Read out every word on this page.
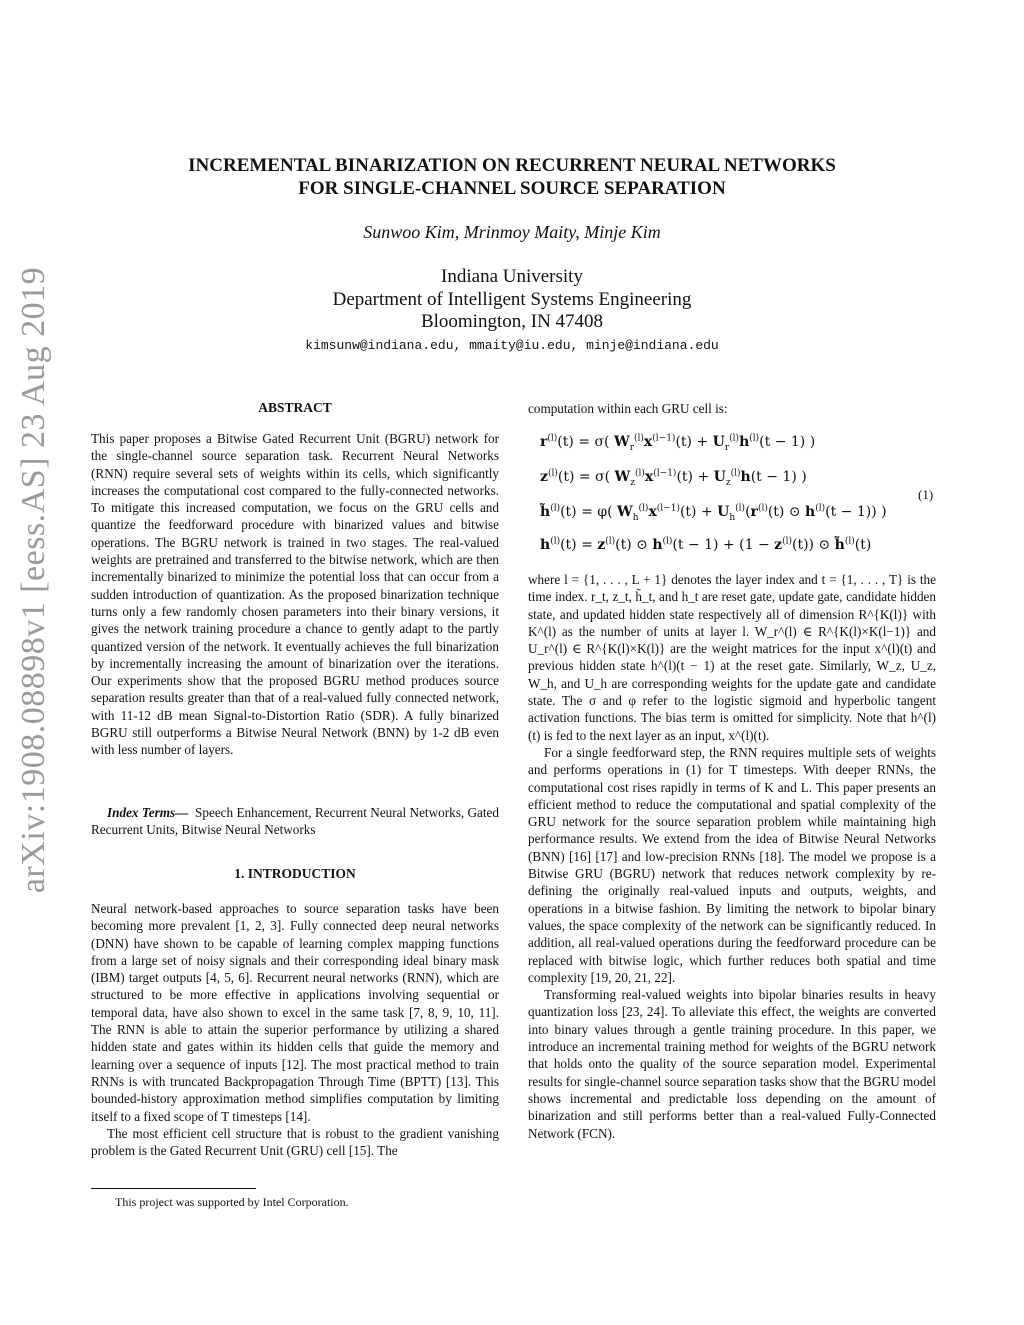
arXiv:1908.08898v1 [eess.AS] 23 Aug 2019
INCREMENTAL BINARIZATION ON RECURRENT NEURAL NETWORKS
FOR SINGLE-CHANNEL SOURCE SEPARATION
Sunwoo Kim, Mrinmoy Maity, Minje Kim
Indiana University
Department of Intelligent Systems Engineering
Bloomington, IN 47408
kimsunw@indiana.edu, mmaity@iu.edu, minje@indiana.edu
ABSTRACT

This paper proposes a Bitwise Gated Recurrent Unit (BGRU) network for the single-channel source separation task. Recurrent Neural Networks (RNN) require several sets of weights within its cells, which significantly increases the computational cost compared to the fully-connected networks. To mitigate this increased computation, we focus on the GRU cells and quantize the feedforward procedure with binarized values and bitwise operations. The BGRU network is trained in two stages. The real-valued weights are pretrained and transferred to the bitwise network, which are then incrementally binarized to minimize the potential loss that can occur from a sudden introduction of quantization. As the proposed binarization technique turns only a few randomly chosen parameters into their binary versions, it gives the network training procedure a chance to gently adapt to the partly quantized version of the network. It eventually achieves the full binarization by incrementally increasing the amount of binarization over the iterations. Our experiments show that the proposed BGRU method produces source separation results greater than that of a real-valued fully connected network, with 11-12 dB mean Signal-to-Distortion Ratio (SDR). A fully binarized BGRU still outperforms a Bitwise Neural Network (BNN) by 1-2 dB even with less number of layers.

Index Terms— Speech Enhancement, Recurrent Neural Networks, Gated Recurrent Units, Bitwise Neural Networks

1. INTRODUCTION

Neural network-based approaches to source separation tasks have been becoming more prevalent [1, 2, 3]. Fully connected deep neural networks (DNN) have shown to be capable of learning complex mapping functions from a large set of noisy signals and their corresponding ideal binary mask (IBM) target outputs [4, 5, 6]. Recurrent neural networks (RNN), which are structured to be more effective in applications involving sequential or temporal data, have also shown to excel in the same task [7, 8, 9, 10, 11]. The RNN is able to attain the superior performance by utilizing a shared hidden state and gates within its hidden cells that guide the memory and learning over a sequence of inputs [12]. The most practical method to train RNNs is with truncated Backpropagation Through Time (BPTT) [13]. This bounded-history approximation method simplifies computation by limiting itself to a fixed scope of T timesteps [14].

The most efficient cell structure that is robust to the gradient vanishing problem is the Gated Recurrent Unit (GRU) cell [15]. The

This project was supported by Intel Corporation.

computation within each GRU cell is:

$r^{(l)}(t) = \sigma$( $W_r^{(l)}x^{(l-1)}(t) + U_r^{(l)}h^{(l)}(t - 1)$ )
$z^{(l)}(t) = \sigma$( $W_z^{(l)}x^{(l-1)}(t) + U_z^{(l)}h(t - 1)$ )
h̃$^{(l)}$(t) = φ( $W_h^{(l)}x^{(l-1)}(t) + U_h^{(l)}(r^{(l)}(t)$ ⊙ $h^{(l)}(t - 1)$) )
$h^{(l)}(t) = z^{(l)}(t)$ ⊙ $h^{(l)}(t - 1) + (1 - z^{(l)}(t))$ ⊙ h̃$^{(l)}$(t)
(1)

where l = {1, . . . , L + 1} denotes the layer index and t = {1, . . . , T} is the time index. r_t, z_t, h̃_t, and h_t are reset gate, update gate, candidate hidden state, and updated hidden state respectively all of dimension R^{K(l)} with K^(l) as the number of units at layer l. W_r^(l) ∈ R^{K(l)×K(l−1)} and U_r^(l) ∈ R^{K(l)×K(l)} are the weight matrices for the input x^(l)(t) and previous hidden state h^(l)(t − 1) at the reset gate. Similarly, W_z, U_z, W_h, and U_h are corresponding weights for the update gate and candidate state. The σ and φ refer to the logistic sigmoid and hyperbolic tangent activation functions. The bias term is omitted for simplicity. Note that h^(l)(t) is fed to the next layer as an input, x^(l)(t).

For a single feedforward step, the RNN requires multiple sets of weights and performs operations in (1) for T timesteps. With deeper RNNs, the computational cost rises rapidly in terms of K and L. This paper presents an efficient method to reduce the computational and spatial complexity of the GRU network for the source separation problem while maintaining high performance results. We extend from the idea of Bitwise Neural Networks (BNN) [16] [17] and low-precision RNNs [18]. The model we propose is a Bitwise GRU (BGRU) network that reduces network complexity by re-defining the originally real-valued inputs and outputs, weights, and operations in a bitwise fashion. By limiting the network to bipolar binary values, the space complexity of the network can be significantly reduced. In addition, all real-valued operations during the feedforward procedure can be replaced with bitwise logic, which further reduces both spatial and time complexity [19, 20, 21, 22].

Transforming real-valued weights into bipolar binaries results in heavy quantization loss [23, 24]. To alleviate this effect, the weights are converted into binary values through a gentle training procedure. In this paper, we introduce an incremental training method for weights of the BGRU network that holds onto the quality of the source separation model. Experimental results for single-channel source separation tasks show that the BGRU model shows incremental and predictable loss depending on the amount of binarization and still performs better than a real-valued Fully-Connected Network (FCN).
